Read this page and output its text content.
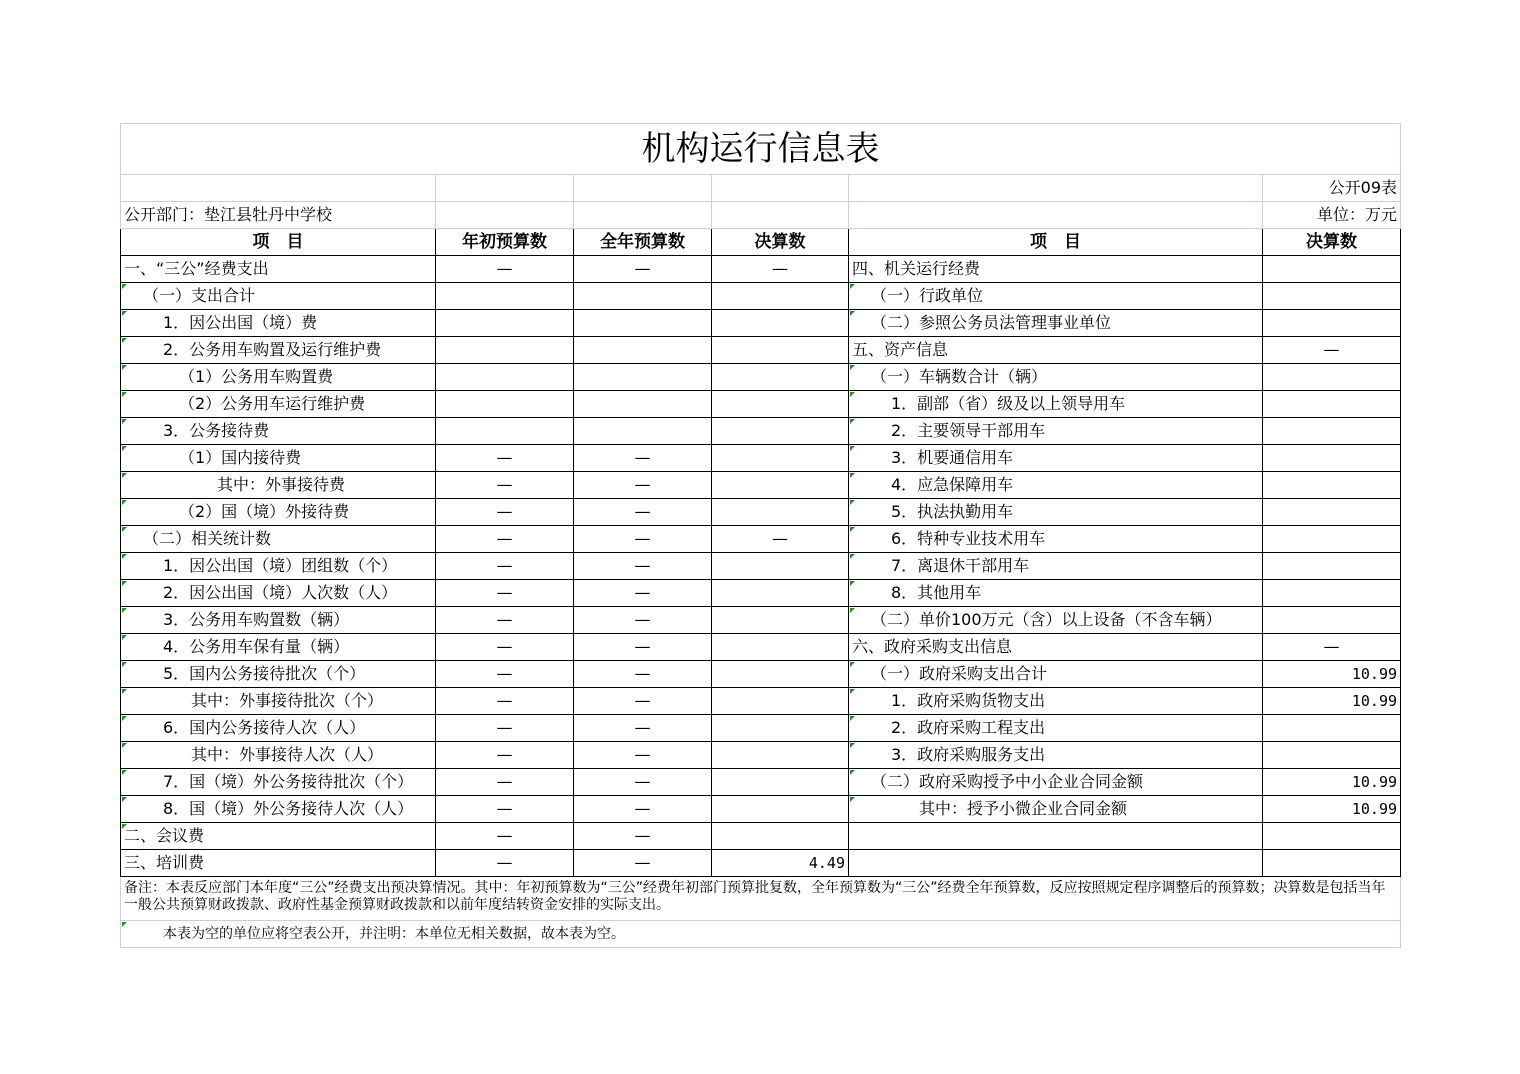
机构运行信息表					
					公开09表
公开部门：垫江县牡丹中学校					单位：万元
项　目	年初预算数	全年预算数	决算数	项　目	决算数
一、“三公”经费支出	—	—	—	四、机关运行经费	
（一）支出合计				（一）行政单位	
1．因公出国（境）费				（二）参照公务员法管理事业单位	
2．公务用车购置及运行维护费				五、资产信息	—
（1）公务用车购置费				（一）车辆数合计（辆）	
（2）公务用车运行维护费				1．副部（省）级及以上领导用车	
3．公务接待费				2．主要领导干部用车	
（1）国内接待费	—	—		3．机要通信用车	
其中：外事接待费	—	—		4．应急保障用车	
（2）国（境）外接待费	—	—		5．执法执勤用车	
（二）相关统计数	—	—	—	6．特种专业技术用车	
1．因公出国（境）团组数（个）	—	—		7．离退休干部用车	
2．因公出国（境）人次数（人）	—	—		8．其他用车	
3．公务用车购置数（辆）	—	—		（二）单价100万元（含）以上设备（不含车辆）	
4．公务用车保有量（辆）	—	—		六、政府采购支出信息	—
5．国内公务接待批次（个）	—	—		（一）政府采购支出合计	10.99
其中：外事接待批次（个）	—	—		1．政府采购货物支出	10.99
6．国内公务接待人次（人）	—	—		2．政府采购工程支出	
其中：外事接待人次（人）	—	—		3．政府采购服务支出	
7．国（境）外公务接待批次（个）	—	—		（二）政府采购授予中小企业合同金额	10.99
8．国（境）外公务接待人次（人）	—	—		其中：授予小微企业合同金额	10.99
二、会议费	—	—			
三、培训费	—	—	4.49		
备注：本表反应部门本年度“三公”经费支出预决算情况。其中：年初预算数为“三公”经费年初部门预算批复数，全年预算数为“三公”经费全年预算数，反应按照规定程序调整后的预算数；决算数是包括当年一般公共预算财政拨款、政府性基金预算财政拨款和以前年度结转资金安排的实际支出。					
本表为空的单位应将空表公开，并注明：本单位无相关数据，故本表为空。					
